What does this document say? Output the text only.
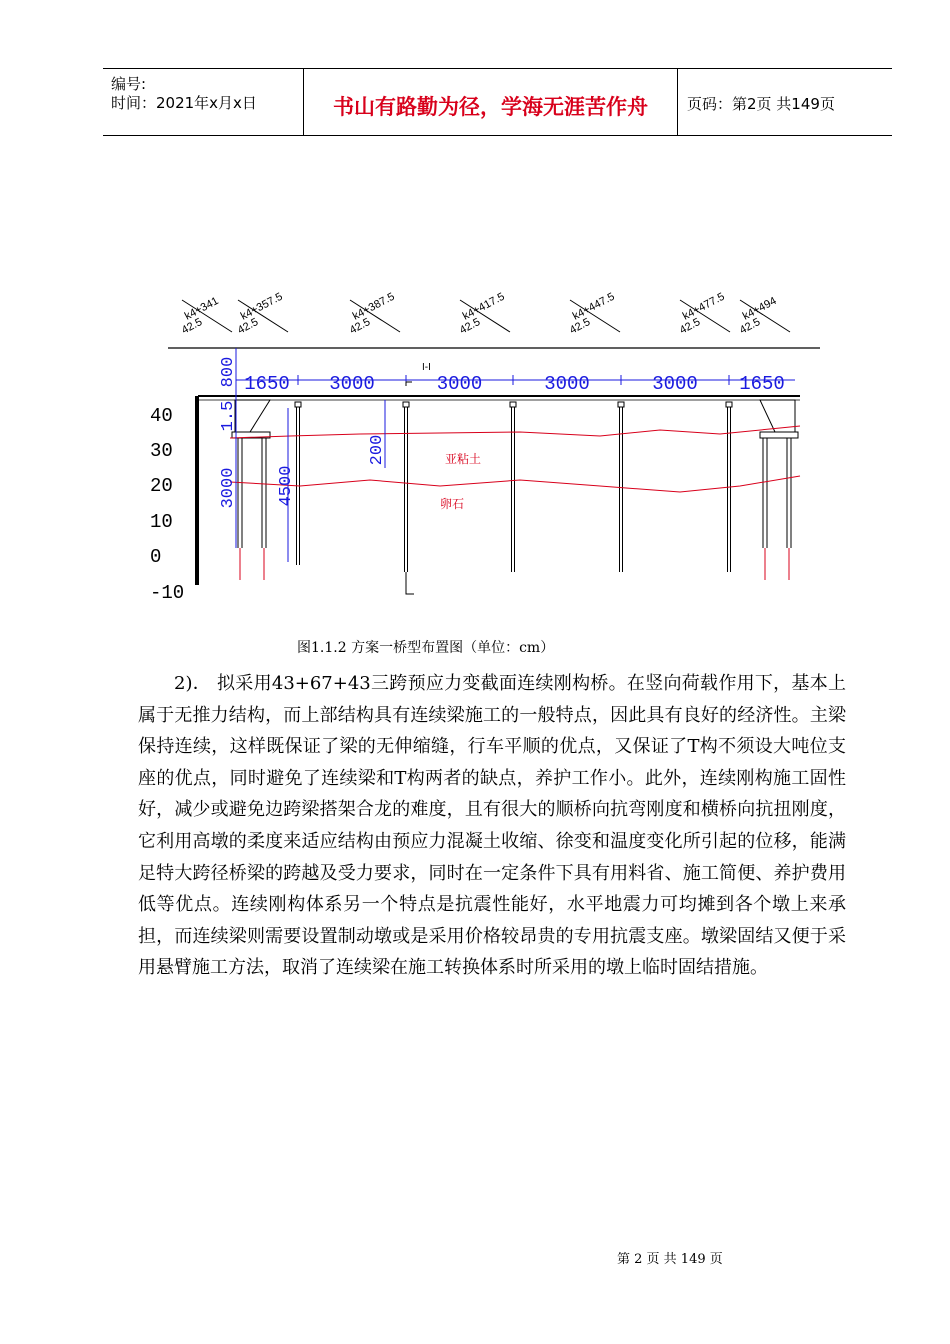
编号:
时间：2021年x月x日	书山有路勤为径，学海无涯苦作舟	页码：第2页 共149页
k4+341
42.5
k4+357.5
42.5
k4+387.5
42.5
k4+417.5
42.5
k4+447.5
42.5
k4+477.5
42.5
k4+494
42.5
1650 3000	3000	3000	3000 1650
40
30
20
10
0
-10
800
1.5
3000 4500
200
I-I
亚粘土
卵石
图1.1.2 方案一桥型布置图（单位：cm）

2)． 拟采用43+67+43三跨预应力变截面连续刚构桥。在竖向荷载作用下，基本上属于无推力结构，而上部结构具有连续梁施工的一般特点，因此具有良好的经济性。主梁保持连续，这样既保证了梁的无伸缩缝，行车平顺的优点，又保证了T构不须设大吨位支座的优点，同时避免了连续梁和T构两者的缺点，养护工作小。此外，连续刚构施工固性好，减少或避免边跨梁搭架合龙的难度，且有很大的顺桥向抗弯刚度和横桥向抗扭刚度，它利用高墩的柔度来适应结构由预应力混凝土收缩、徐变和温度变化所引起的位移，能满足特大跨径桥梁的跨越及受力要求，同时在一定条件下具有用料省、施工简便、养护费用低等优点。连续刚构体系另一个特点是抗震性能好，水平地震力可均摊到各个墩上来承担，而连续梁则需要设置制动墩或是采用价格较昂贵的专用抗震支座。墩梁固结又便于采用悬臂施工方法，取消了连续梁在施工转换体系时所采用的墩上临时固结措施。

第 2 页 共 149 页
